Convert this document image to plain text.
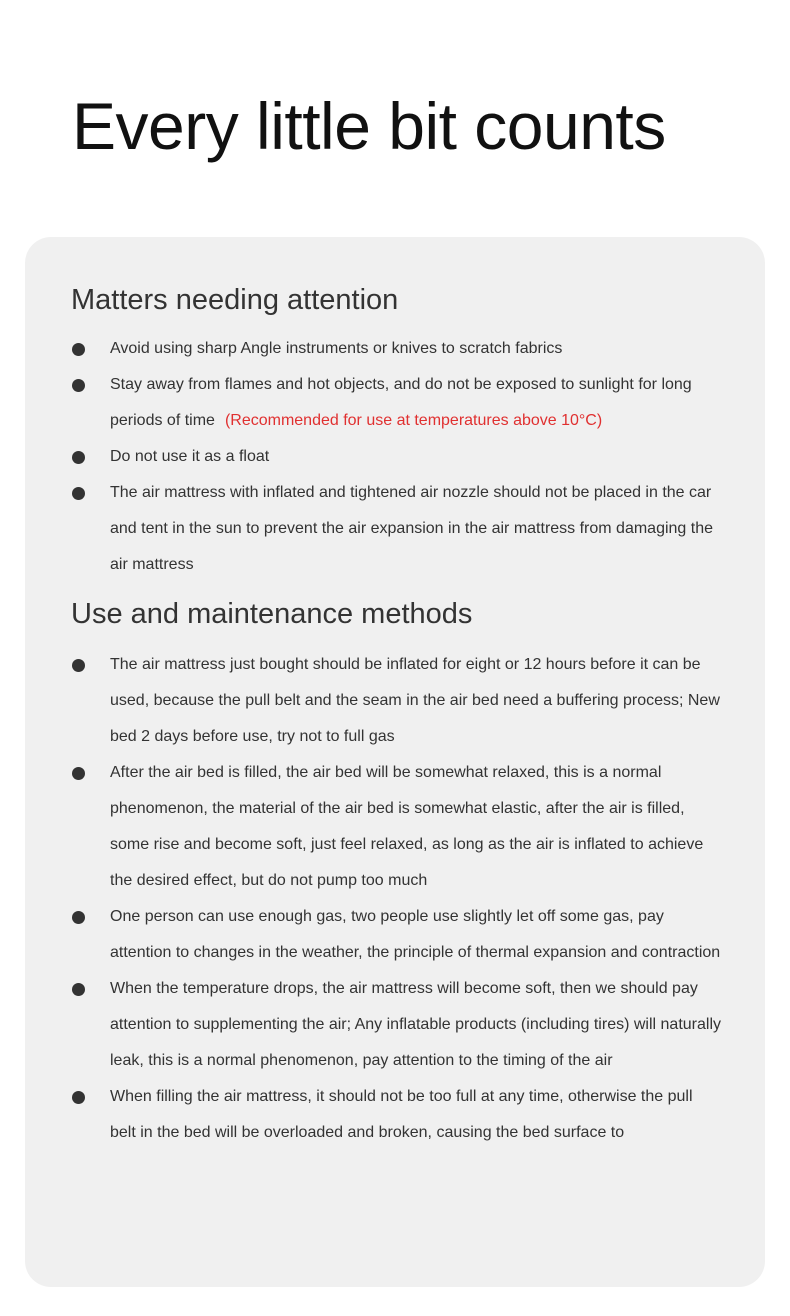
Every little bit counts
Matters needing attention
Avoid using sharp Angle instruments or knives to scratch fabrics
Stay away from flames and hot objects, and do not be exposed to sunlight for long periods of time (Recommended for use at temperatures above 10°C)
Do not use it as a float
The air mattress with inflated and tightened air nozzle should not be placed in the car and tent in the sun to prevent the air expansion in the air mattress from damaging the air mattress
Use and maintenance methods
The air mattress just bought should be inflated for eight or 12 hours before it can be used, because the pull belt and the seam in the air bed need a buffering process; New bed 2 days before use, try not to full gas
After the air bed is filled, the air bed will be somewhat relaxed, this is a normal phenomenon, the material of the air bed is somewhat elastic, after the air is filled, some rise and become soft, just feel relaxed, as long as the air is inflated to achieve the desired effect, but do not pump too much
One person can use enough gas, two people use slightly let off some gas, pay attention to changes in the weather, the principle of thermal expansion and contraction
When the temperature drops, the air mattress will become soft, then we should pay attention to supplementing the air; Any inflatable products (including tires) will naturally leak, this is a normal phenomenon, pay attention to the timing of the air
When filling the air mattress, it should not be too full at any time, otherwise the pull belt in the bed will be overloaded and broken, causing the bed surface to
